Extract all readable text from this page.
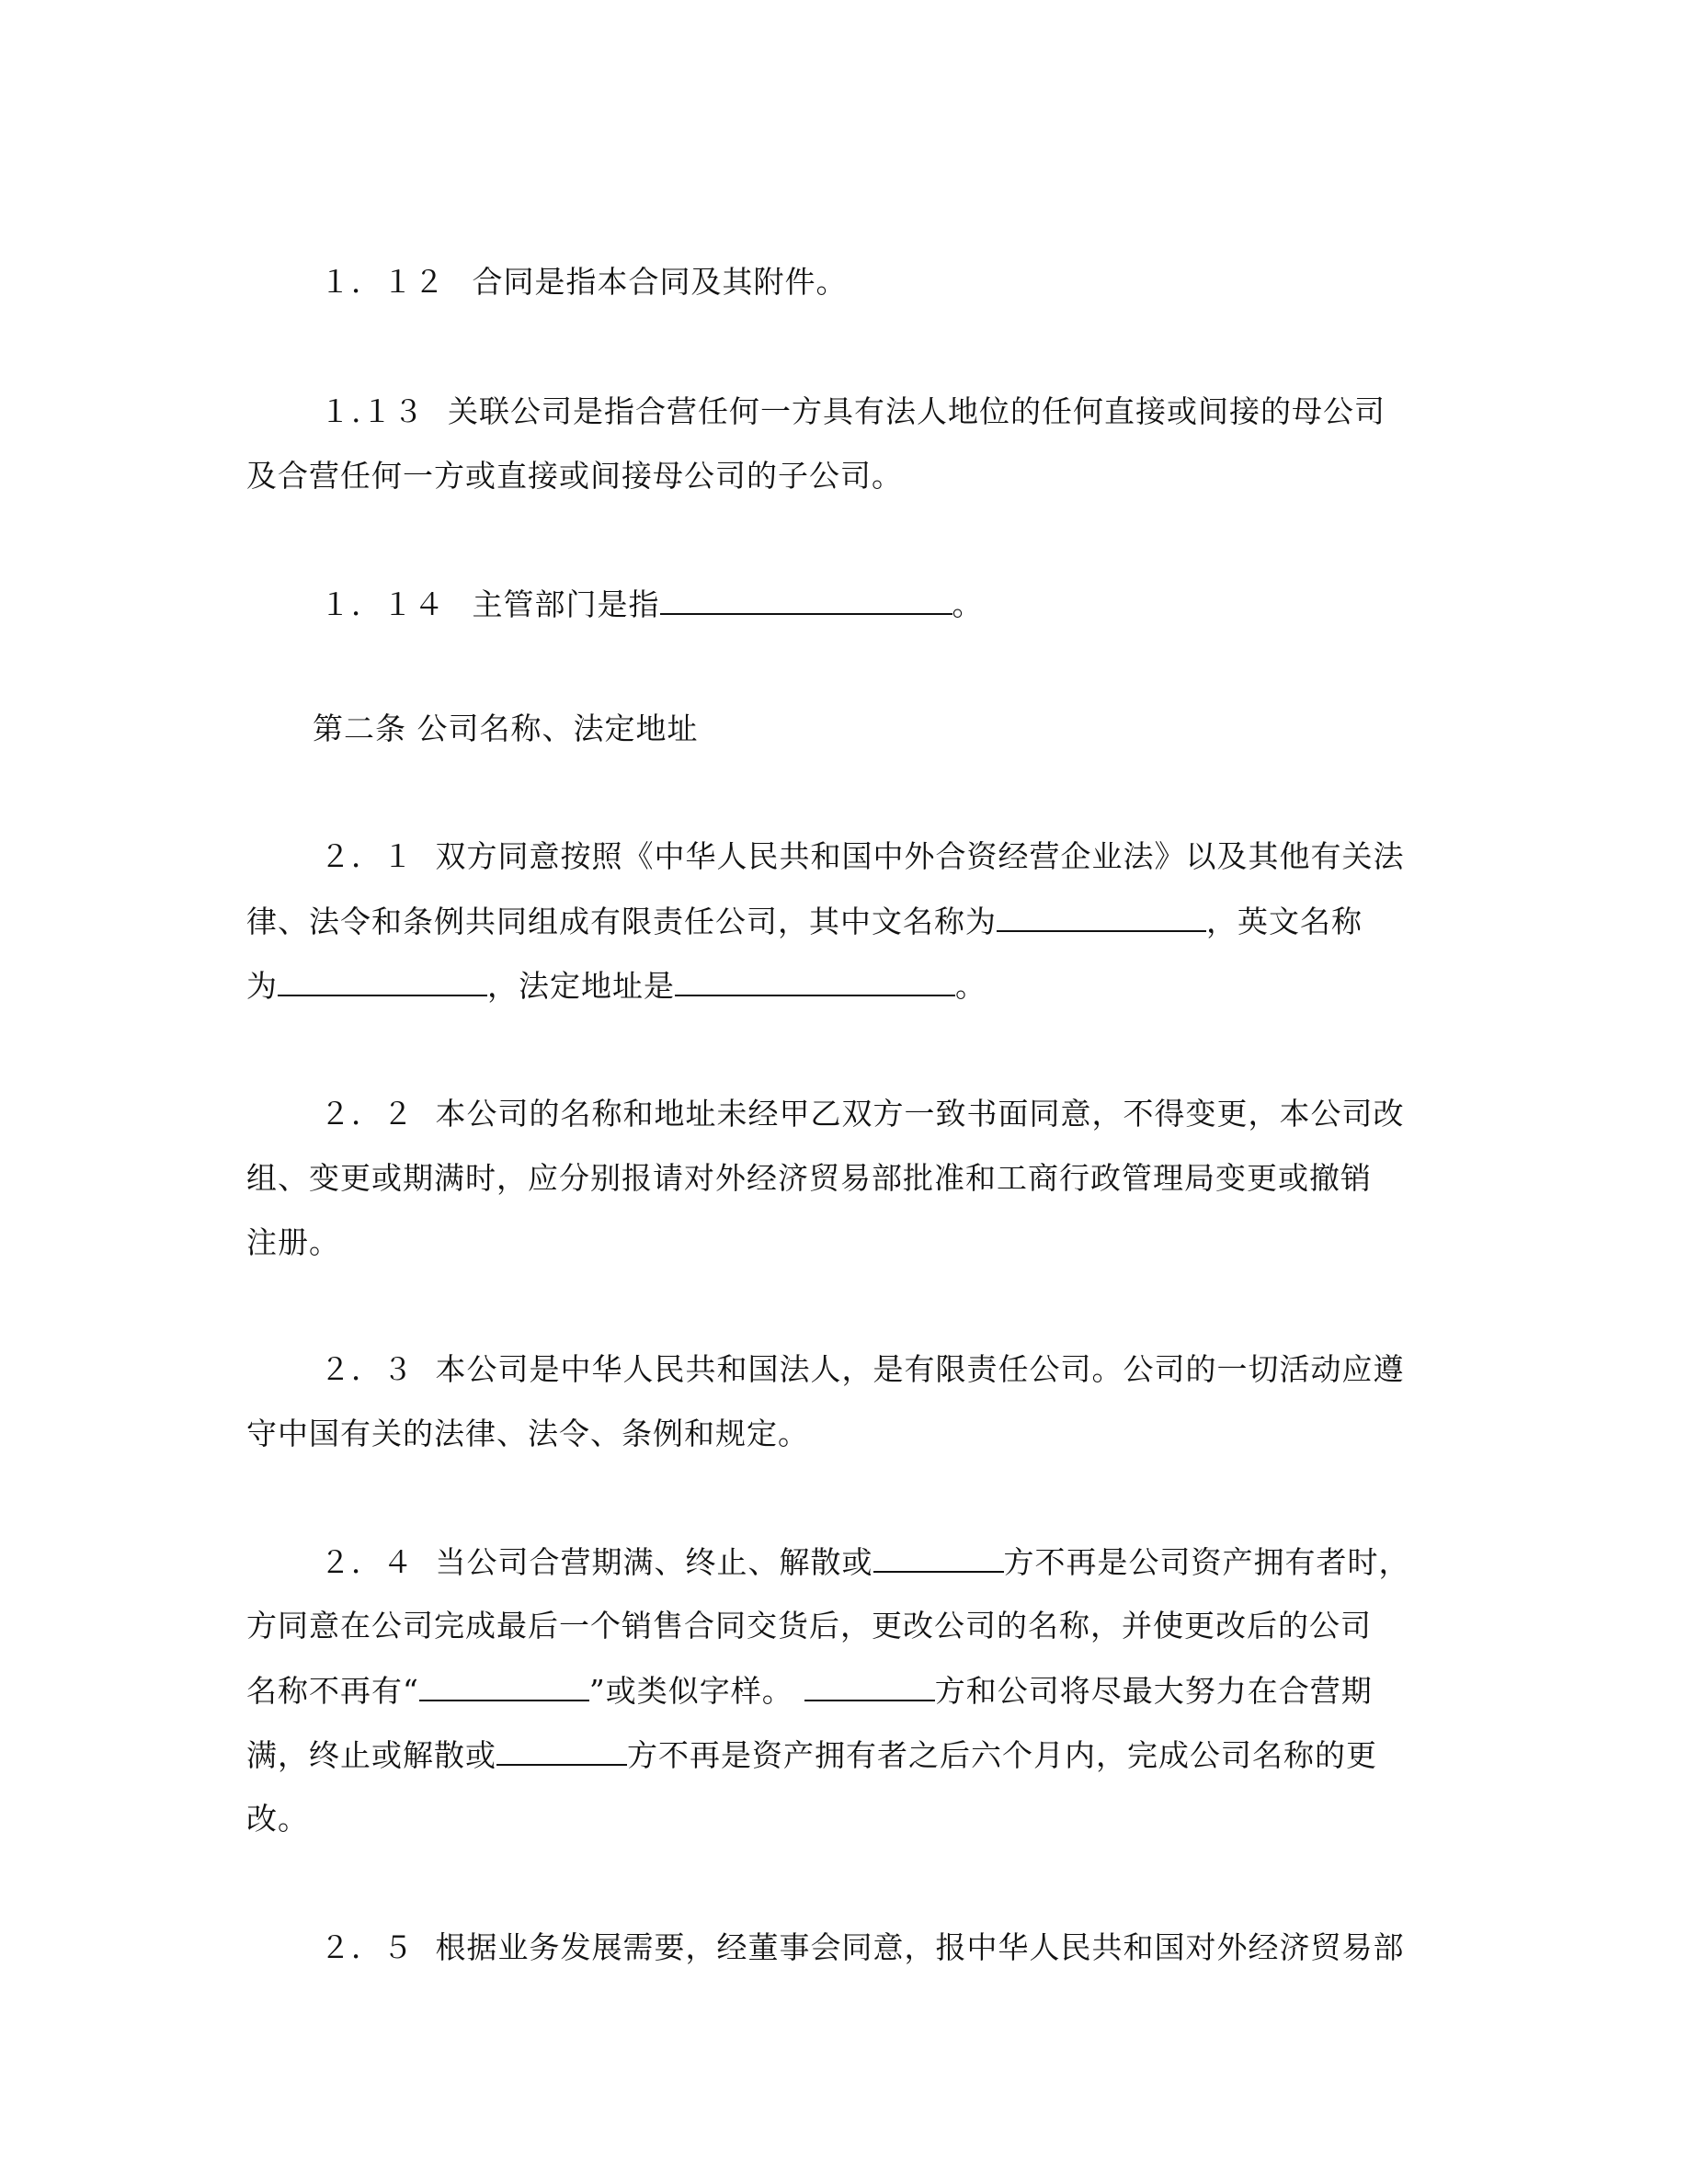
１．１２ 合同是指本合同及其附件。
１.１３ 关联公司是指合营任何一方具有法人地位的任何直接或间接的母公司
及合营任何一方或直接或间接母公司的子公司。
１．１４ 主管部门是指	。
第二条 公司名称、法定地址
２．１ 双方同意按照《中华人民共和国中外合资经营企业法》以及其他有关法
律、法令和条例共同组成有限责任公司，其中文名称为	，英文名称
为	，法定地址是	。
２．２ 本公司的名称和地址未经甲乙双方一致书面同意，不得变更，本公司改
组、变更或期满时，应分别报请对外经济贸易部批准和工商行政管理局变更或撤销
注册。
２．３ 本公司是中华人民共和国法人，是有限责任公司。公司的一切活动应遵
守中国有关的法律、法令、条例和规定。
２．４ 当公司合营期满、终止、解散或	方不再是公司资产拥有者时，
方同意在公司完成最后一个销售合同交货后，更改公司的名称，并使更改后的公司
名称不再有“	”或类似字样。	方和公司将尽最大努力在合营期
满，终止或解散或	方不再是资产拥有者之后六个月内，完成公司名称的更
改。
２．５ 根据业务发展需要，经董事会同意，报中华人民共和国对外经济贸易部
